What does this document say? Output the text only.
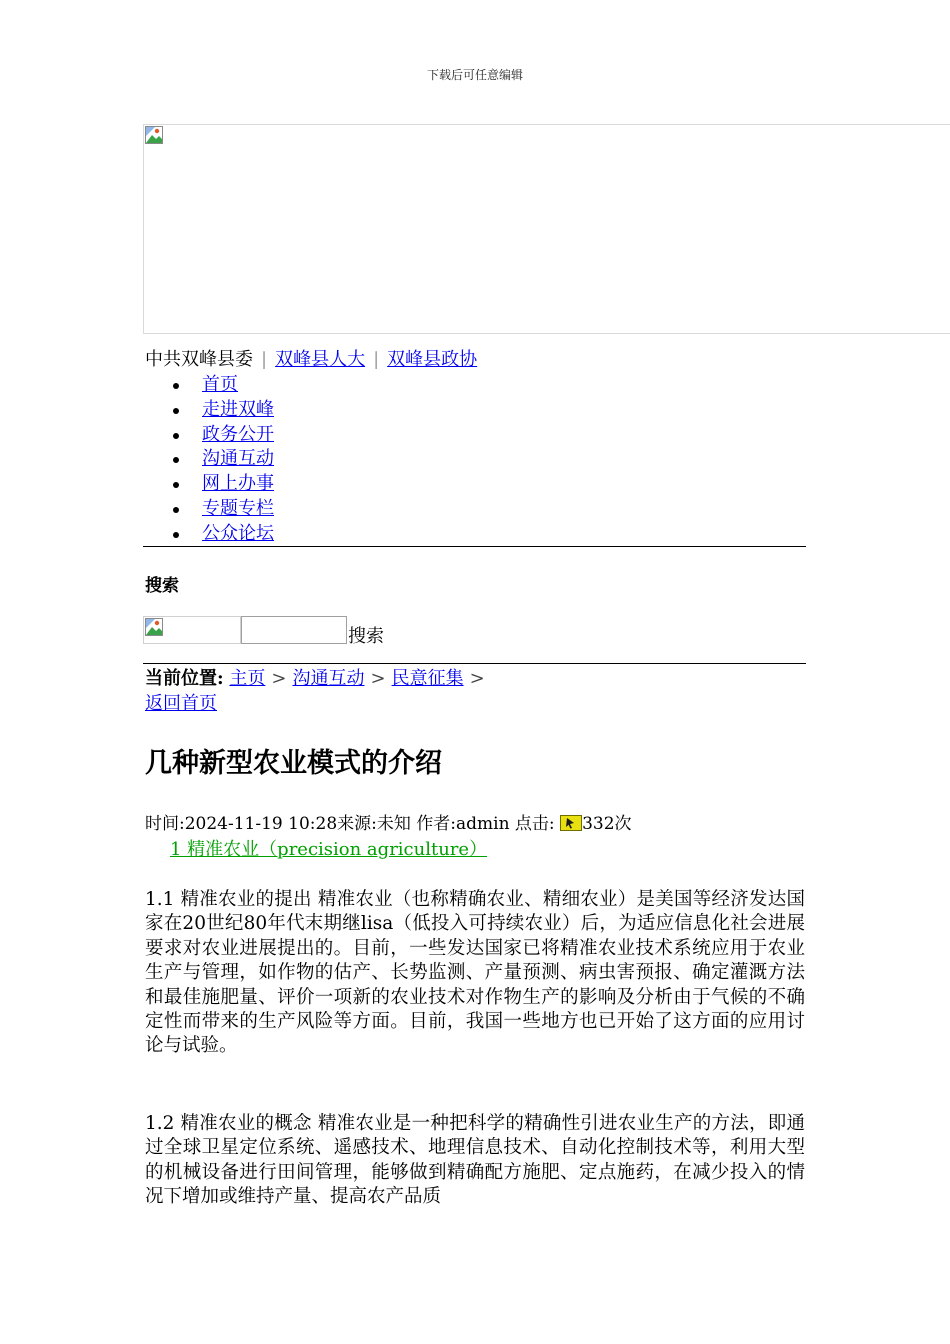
下载后可任意编辑
中共双峰县委 | 双峰县人大 | 双峰县政协
首页
走进双峰
政务公开
沟通互动
网上办事
专题专栏
公众论坛
搜索
搜索
当前位置: 主页 > 沟通互动 > 民意征集 >
返回首页
几种新型农业模式的介绍
时间:2024-11-19 10:28来源:未知 作者:admin 点击: 332次
1 精准农业（precision agriculture）

1.1 精准农业的提出 精准农业（也称精确农业、精细农业）是美国等经济发达国家在20世纪80年代末期继lisa（低投入可持续农业）后，为适应信息化社会进展要求对农业进展提出的。目前，一些发达国家已将精准农业技术系统应用于农业生产与管理，如作物的估产、长势监测、产量预测、病虫害预报、确定灌溉方法和最佳施肥量、评价一项新的农业技术对作物生产的影响及分析由于气候的不确定性而带来的生产风险等方面。目前，我国一些地方也已开始了这方面的应用讨论与试验。

1.2 精准农业的概念 精准农业是一种把科学的精确性引进农业生产的方法，即通过全球卫星定位系统、遥感技术、地理信息技术、自动化控制技术等，利用大型的机械设备进行田间管理，能够做到精确配方施肥、定点施药，在减少投入的情况下增加或维持产量、提高农产品质
